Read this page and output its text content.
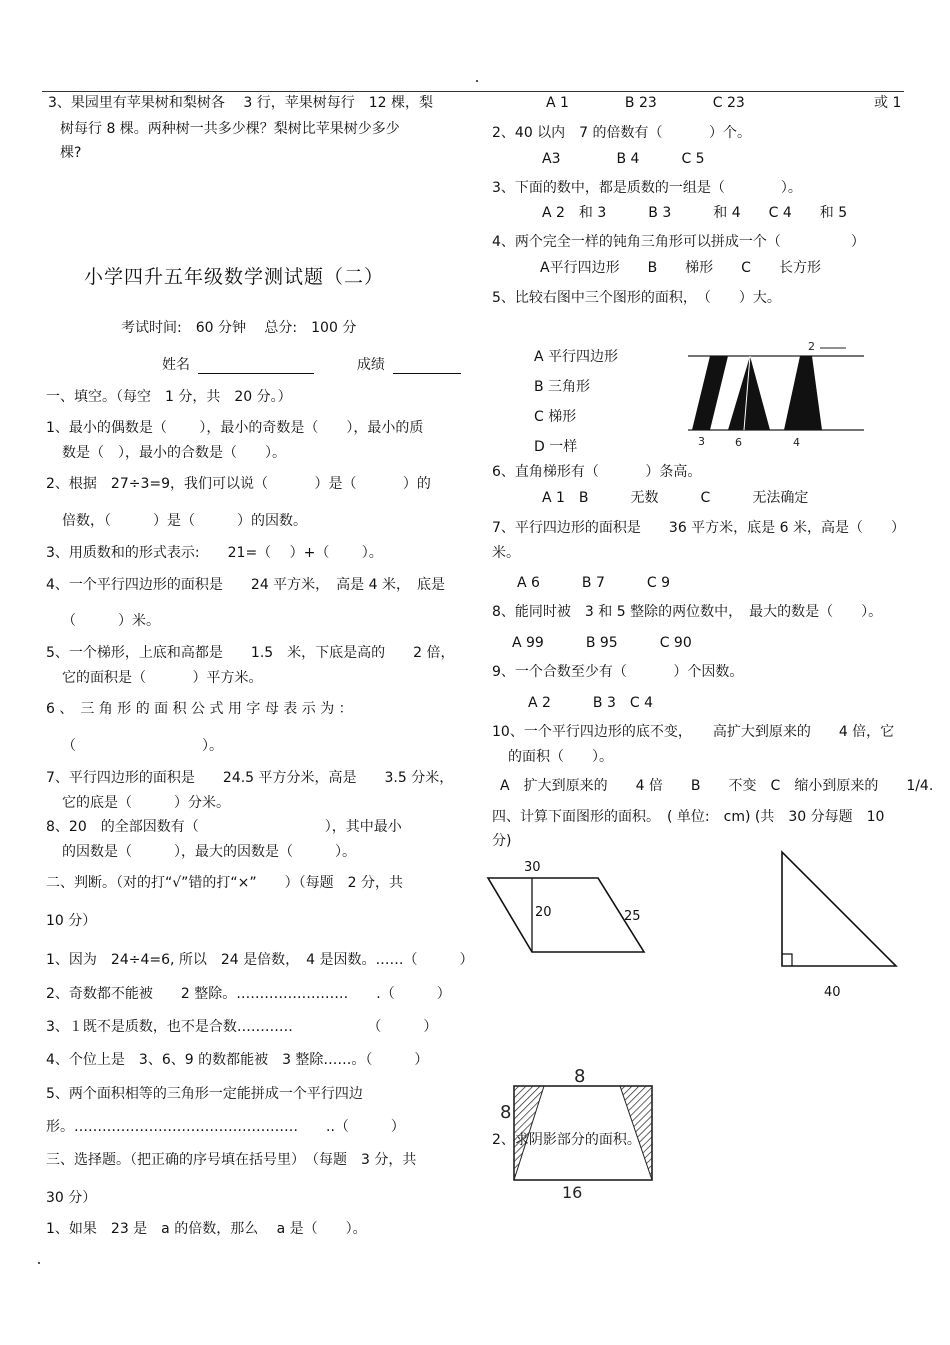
3、果园里有苹果树和梨树各　 3 行，苹果树每行　12 棵，梨
树每行 8 棵。两种树一共多少棵？梨树比苹果树少多少
棵?
小学四升五年级数学测试题（二）
考试时间:　60 分钟　 总分:　100 分
姓名	成绩
一、填空。（每空　1 分，共　20 分。）
1、最小的偶数是（　　 ），最小的奇数是（　　），最小的质
数是（　），最小的合数是（　　）。
2、根据　27÷3=9，我们可以说（　　　 ）是（　　　 ）的
倍数，（　　　）是（　　　）的因数。
3、用质数和的形式表示:　　21=（　 ）+（　　 ）。
4、一个平行四边形的面积是　　24 平方米，　高是 4 米，　底是
（　　　）米。
5、一个梯形，上底和高都是　　1.5　米，下底是高的　　2 倍，
它的面积是（　　　 ）平方米。
6 、　三 角 形 的 面 积 公 式 用 字 母 表 示 为 ：
（　　　　　　　　　）。
7、平行四边形的面积是　　24.5 平方分米，高是　　3.5 分米，
它的底是（　　　）分米。
8、20　的全部因数有（　　　　　　　　　），其中最小
的因数是（　　　），最大的因数是（　　　）。
二、判断。（对的打“√”错的打“×”　　）（每题　2 分，共
10 分）
1、因为　24÷4=6, 所以　24 是倍数，　4 是因数。……（　　　）
2、奇数都不能被　　2 整除。……………………　　.（　　　）
3、１既不是质数，也不是合数…………　　　　　 （　　　）
4、个位上是　3、6、9 的数都能被　3 整除……。（　　　）
5、两个面积相等的三角形一定能拼成一个平行四边
形。…………………………………………　　..（　　　）
三、选择题。（把正确的序号填在括号里）　（每题　3 分，共
30 分）
1、如果　23 是　a 的倍数，那么　 a 是（　　）。
A 1　　　　B 23　　　　C 23	或 1
2、40 以内　7 的倍数有（　　　 ）个。
A3　　　　B 4　　　C 5
3、下面的数中，都是质数的一组是（　　　　）。
A 2　和 3　　　B 3　　　和 4　　C 4　　和 5
4、两个完全一样的钝角三角形可以拼成一个（　　　　　）
A平行四边形　　B　　梯形　　C　　长方形
5、比较右图中三个图形的面积，　（　　）大。
A 平行四边形
B 三角形
C 梯形
D 一样
2
3	6	4
6、直角梯形有（　　　 ）条高。
A 1　B　　　无数　　　C　　　无法确定
7、平行四边形的面积是　　36 平方米，底是 6 米，高是（　　）
米。
A 6　　　B 7　　　C 9
8、能同时被　3 和 5 整除的两位数中，　最大的数是（　　）。
A 99　　　B 95　　　C 90
9、一个合数至少有（　　　 ）个因数。
A 2　　　B 3　C 4
10、一个平行四边形的底不变，　　高扩大到原来的　　4 倍，它
的面积（　　）。
A　扩大到原来的　　4 倍　　B　　不变　C　缩小到原来的　　1/4.
四、计算下面图形的面积。　( 单位:　cm) (共　30 分每题　10
分)
30
20	25
40
8
8
16
2、求阴影部分的面积。
